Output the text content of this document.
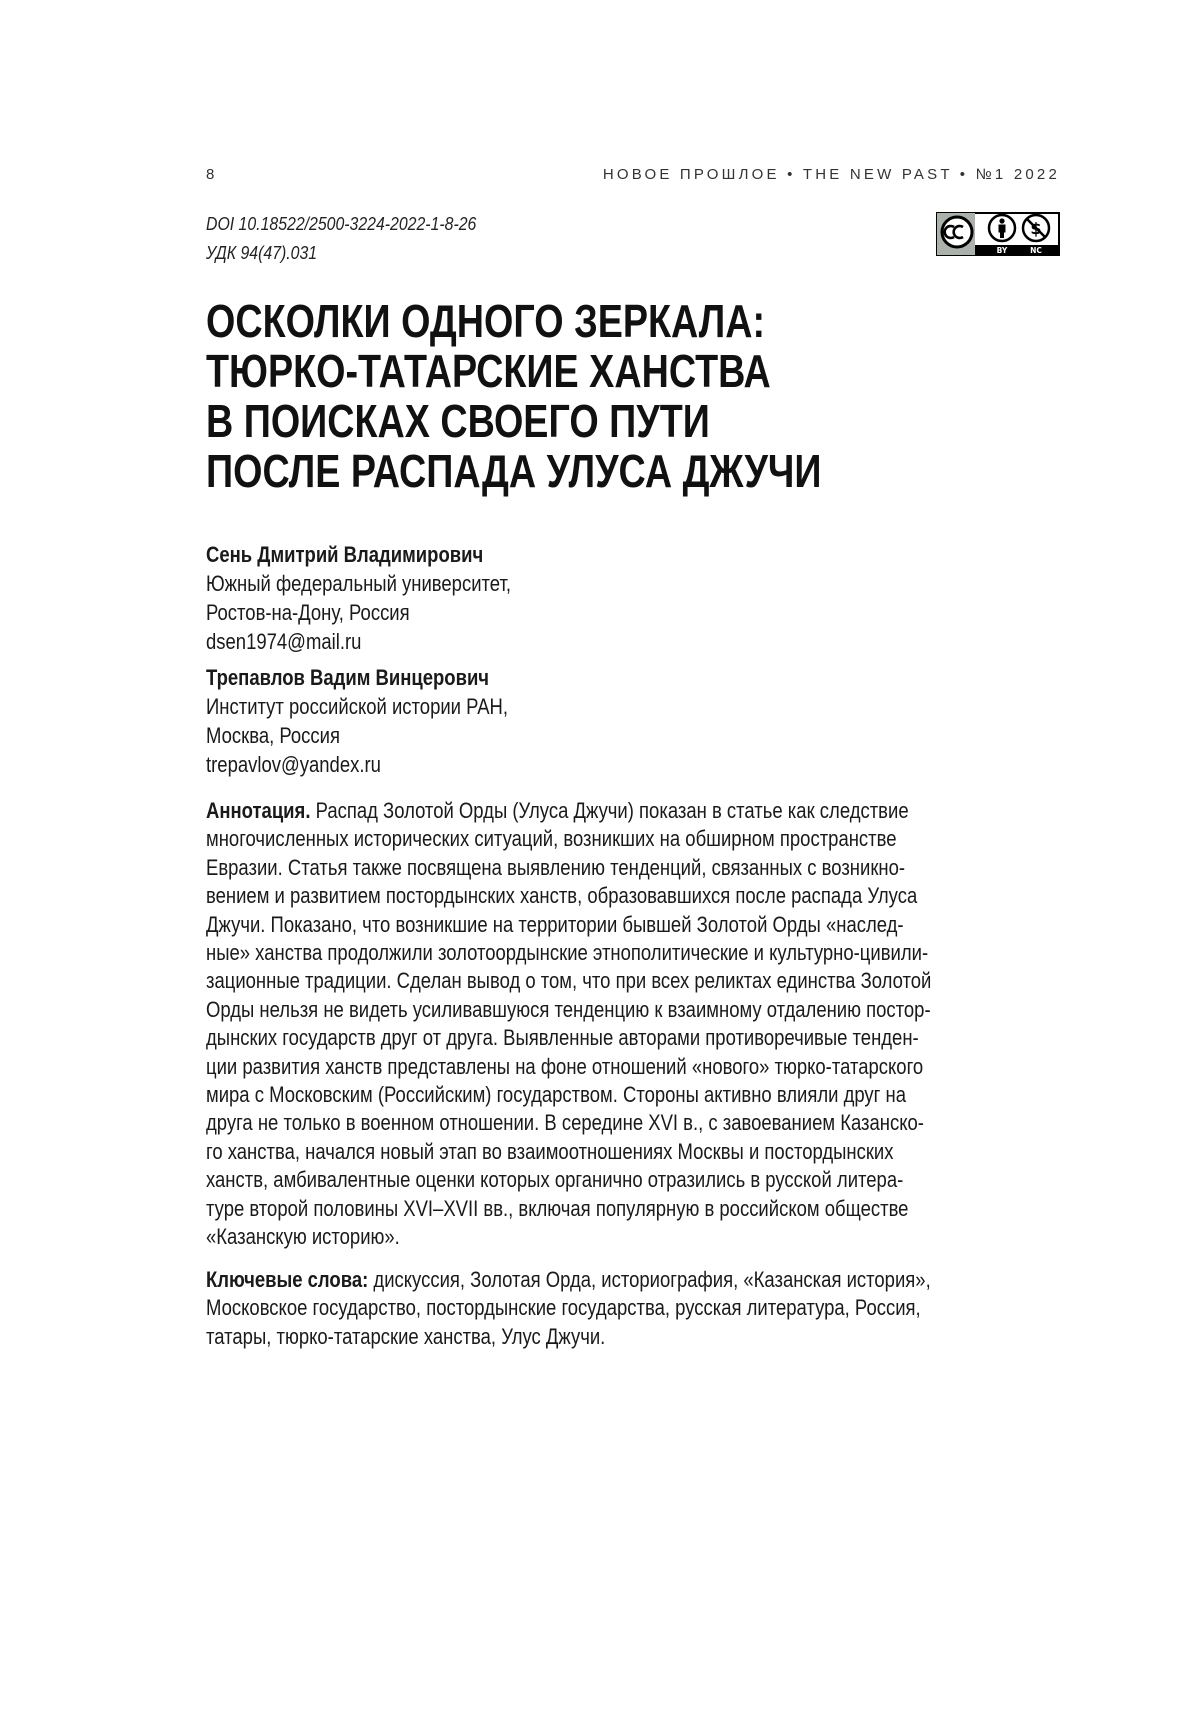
8	НОВОЕ ПРОШЛОЕ • THE NEW PAST • №1 2022
DOI 10.18522/2500-3224-2022-1-8-26
УДК 94(47).031	BY	NC
ОСКОЛКИ ОДНОГО ЗЕРКАЛА:
ТЮРКО-ТАТАРСКИЕ ХАНСТВА
В ПОИСКАХ СВОЕГО ПУТИ
ПОСЛЕ РАСПАДА УЛУСА ДЖУЧИ
Сень Дмитрий Владимирович
Южный федеральный университет,
Ростов-на-Дону, Россия
dsen1974@mail.ru
Трепавлов Вадим Винцерович
Институт российской истории РАН,
Москва, Россия
trepavlov@yandex.ru
Аннотация. Распад Золотой Орды (Улуса Джучи) показан в статье как следствие
многочисленных исторических ситуаций, возникших на обширном пространстве
Евразии. Статья также посвящена выявлению тенденций, связанных с возникно-
вением и развитием постордынских ханств, образовавшихся после распада Улуса
Джучи. Показано, что возникшие на территории бывшей Золотой Орды «наслед-
ные» ханства продолжили золотоордынские этнополитические и культурно-цивили-
зационные традиции. Сделан вывод о том, что при всех реликтах единства Золотой
Орды нельзя не видеть усиливавшуюся тенденцию к взаимному отдалению постор-
дынских государств друг от друга. Выявленные авторами противоречивые тенден-
ции развития ханств представлены на фоне отношений «нового» тюрко-татарского
мира с Московским (Российским) государством. Стороны активно влияли друг на
друга не только в военном отношении. В середине XVI в., с завоеванием Казанско-
го ханства, начался новый этап во взаимоотношениях Москвы и постордынских
ханств, амбивалентные оценки которых органично отразились в русской литера-
туре второй половины XVI–XVII вв., включая популярную в российском обществе
«Казанскую историю».
Ключевые слова: дискуссия, Золотая Орда, историография, «Казанская история»,
Московское государство, постордынские государства, русская литература, Россия,
татары, тюрко-татарские ханства, Улус Джучи.
